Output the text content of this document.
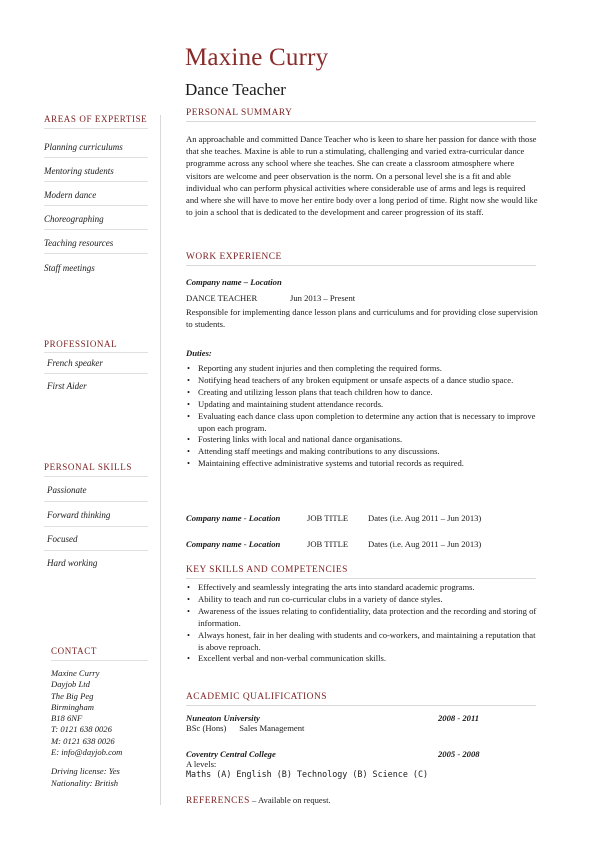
Maxine Curry
Dance Teacher
AREAS OF EXPERTISE
Planning curriculums
Mentoring students
Modern dance
Choreographing
Teaching resources
Staff meetings
PROFESSIONAL
French speaker
First Aider
PERSONAL SKILLS
Passionate
Forward thinking
Focused
Hard working
CONTACT
Maxine Curry
Dayjob Ltd
The Big Peg
Birmingham
B18 6NF
T: 0121 638 0026
M: 0121 638 0026
E: info@dayjob.com
Driving license: Yes
Nationality: British
PERSONAL SUMMARY
An approachable and committed Dance Teacher who is keen to share her passion for dance with those that she teaches. Maxine is able to run a stimulating, challenging and varied extra-curricular dance programme across any school where she teaches. She can create a classroom atmosphere where visitors are welcome and peer observation is the norm. On a personal level she is a fit and able individual who can perform physical activities where considerable use of arms and legs is required and where she will have to move her entire body over a long period of time. Right now she would like to join a school that is dedicated to the development and career progression of its staff.
WORK EXPERIENCE
Company name – Location
DANCE TEACHER	Jun 2013 – Present
Responsible for implementing dance lesson plans and curriculums and for providing close supervision to students.
Duties:
• Reporting any student injuries and then completing the required forms.
• Notifying head teachers of any broken equipment or unsafe aspects of a dance studio space.
• Creating and utilizing lesson plans that teach children how to dance.
• Updating and maintaining student attendance records.
• Evaluating each dance class upon completion to determine any action that is necessary to improve upon each program.
• Fostering links with local and national dance organisations.
• Attending staff meetings and making contributions to any discussions.
• Maintaining effective administrative systems and tutorial records as required.
Company name - Location	JOB TITLE Dates (i.e. Aug 2011 – Jun 2013)
Company name - Location	JOB TITLE Dates (i.e. Aug 2011 – Jun 2013)
KEY SKILLS AND COMPETENCIES
• Effectively and seamlessly integrating the arts into standard academic programs.
• Ability to teach and run co-curricular clubs in a variety of dance styles.
• Awareness of the issues relating to confidentiality, data protection and the recording and storing of information.
• Always honest, fair in her dealing with students and co-workers, and maintaining a reputation that is above reproach.
• Excellent verbal and non-verbal communication skills.
ACADEMIC QUALIFICATIONS
Nuneaton University	2008 - 2011
BSc (Hons)      Sales Management
Coventry Central College	2005 - 2008
A levels:
Maths (A) English (B) Technology (B) Science (C)
REFERENCES – Available on request.
